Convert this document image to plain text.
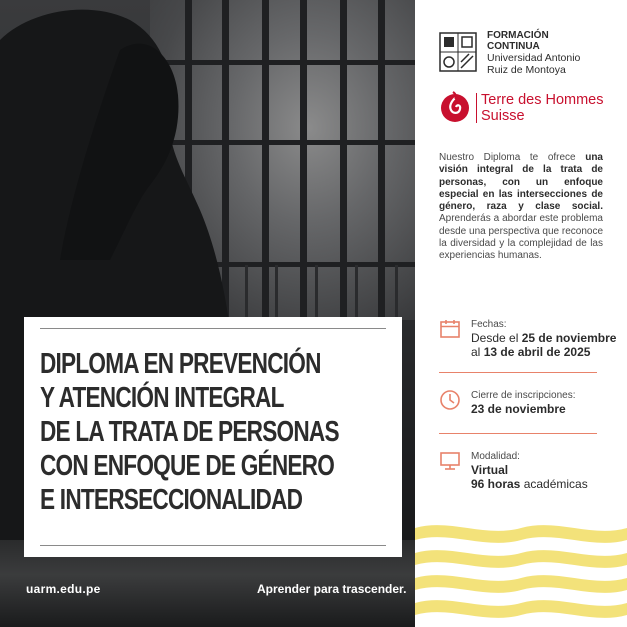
DIPLOMA EN PREVENCIÓN
Y ATENCIÓN INTEGRAL
DE LA TRATA DE PERSONAS
CON ENFOQUE DE GÉNERO
E INTERSECCIONALIDAD
uarm.edu.pe	Aprender para trascender.
FORMACIÓN
CONTINUA
Universidad Antonio
Ruiz de Montoya
Terre des Hommes
Suisse

Nuestro Diploma te ofrece una visión integral de la trata de personas, con un enfoque especial en las intersecciones de género, raza y clase social. Aprenderás a abordar este problema desde una perspectiva que reconoce la diversidad y la complejidad de las experiencias humanas.

Fechas:
Desde el 25 de noviembre
al 13 de abril de 2025
Cierre de inscripciones:
23 de noviembre
Modalidad:
Virtual
96 horas académicas
